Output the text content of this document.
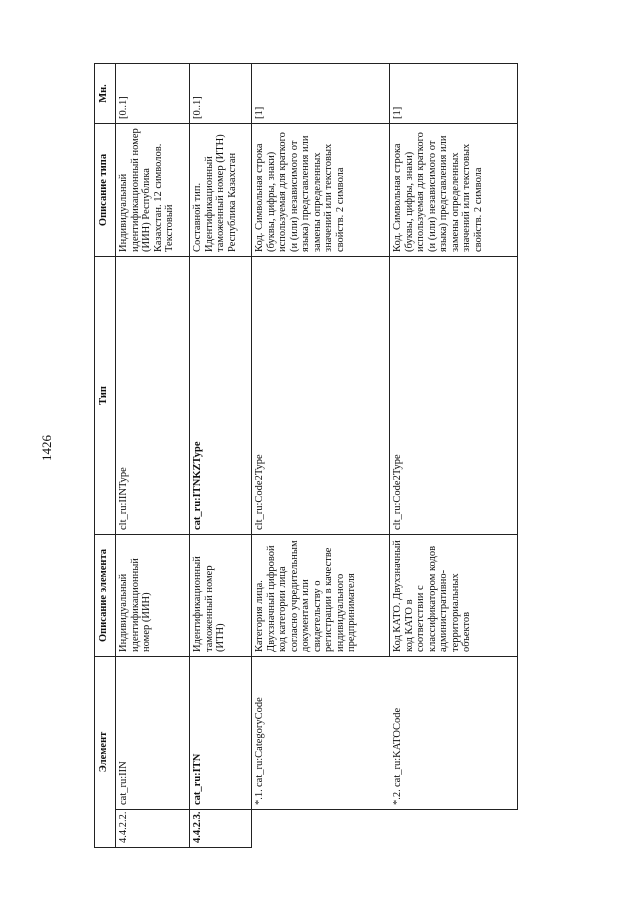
1426
Элемент		Описание элемента	Тип	Описание типа	Мн.
4.4.2.2.	cat_ru:IIN	Индивидуальный идентификационный номер (ИИН)	clt_ru:IINType	Индивидуальный идентификационный номер (ИИН) Республика Казахстан. 12 символов. Текстовый	[0..1]
4.4.2.3.	cat_ru:ITN	Идентификационный таможенный номер (ИТН)	cat_ru:ITNKZType	Составной тип. Идентификационный таможенный номер (ИТН) Республика Казахстан	[0..1]
	*.1.cat_ru:CategoryCode	Категория лица. Двухзначный цифровой код категории лица согласно учредительным документам или свидетельству о регистрации в качестве индивидуального предпринимателя	clt_ru:Code2Type	Код. Символьная строка (буквы, цифры, знаки) используемая для краткого (и (или) независимого от языка) представления или замены определенных значений или текстовых свойств. 2 символа	[1]
	*.2.cat_ru:KATOCode	Код КАТО. Двухзначный код КАТО в соответствии с классификатором кодов административно-территориальных объектов	clt_ru:Code2Type	Код. Символьная строка (буквы, цифры, знаки) используемая для краткого (и (или) независимого от языка) представления или замены определенных значений или текстовых свойств. 2 символа	[1]
